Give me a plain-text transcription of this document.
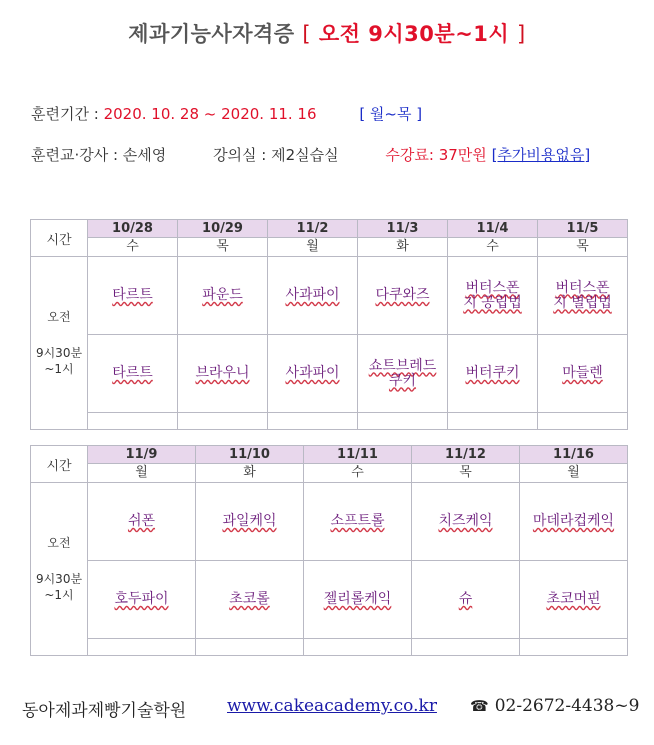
제과기능사자격증 [ 오전 9시30분~1시 ]
훈련기간 : 2020. 10. 28 ~ 2020. 11. 16	[ 월~목 ]
훈련교·강사 : 손세영	강의실 : 제2실습실	수강료: 37만원 [추가비용없음]
시간	10/28	10/29	11/2	11/3	11/4	11/5
	수	목	월	화	수	목

오전
9시30분
~1시	타르트	파운드	사과파이	다쿠와즈	버터스폰지 공립법	버터스폰지 별립법
	타르트	브라우니	사과파이	쇼트브레드 쿠키	버터쿠키	마들렌

시간	11/9	11/10	11/11	11/12	11/16
	월	화	수	목	월

오전
9시30분
~1시	쉬폰	과일케익	소프트롤	치즈케익	마데라컵케익
	호두파이	초코롤	젤리롤케익	슈	초코머핀

동아제과제빵기술학원 www.cakeacademy.co.kr ☎ 02-2672-4438~9
